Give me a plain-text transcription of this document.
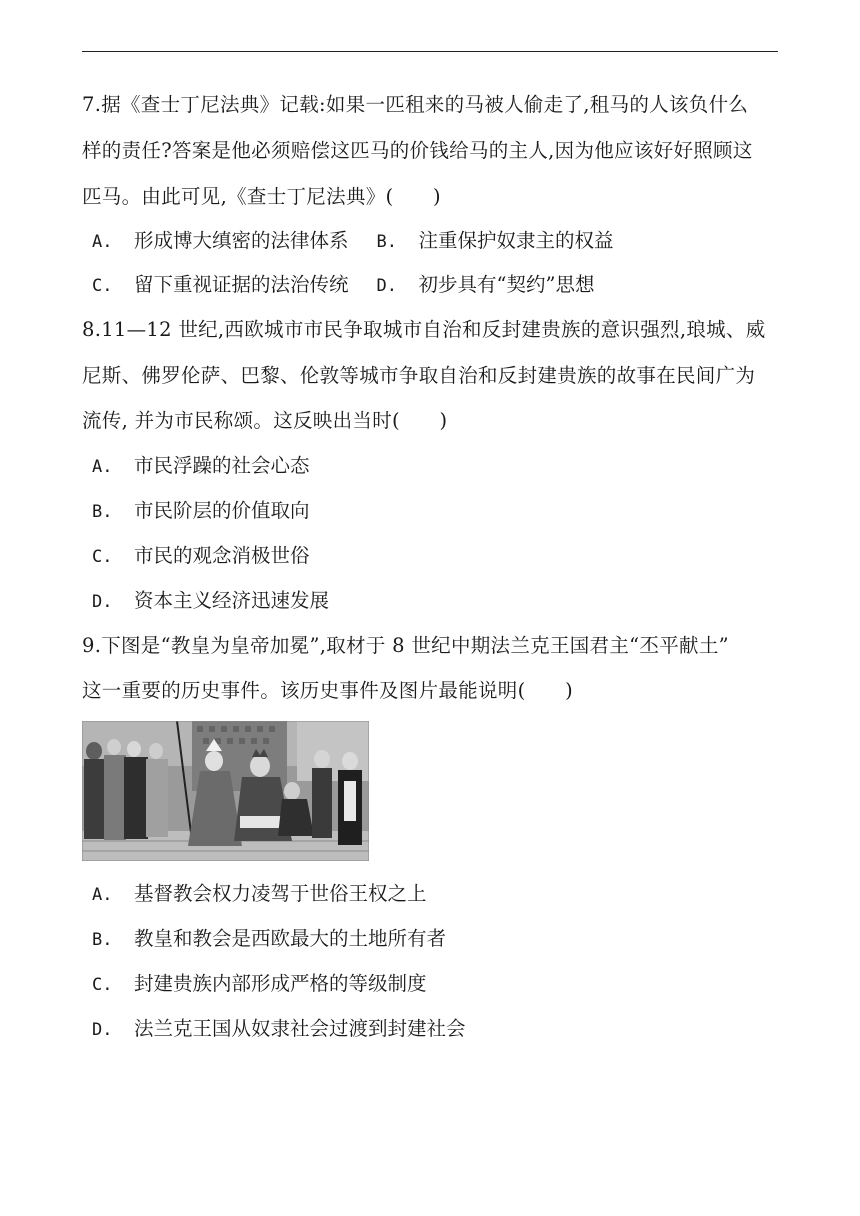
7.据《查士丁尼法典》记载:如果一匹租来的马被人偷走了,租马的人该负什么
样的责任?答案是他必须赔偿这匹马的价钱给马的主人,因为他应该好好照顾这
匹马。由此可见,《查士丁尼法典》(　　)
A. 形成博大缜密的法律体系 B. 注重保护奴隶主的权益
C. 留下重视证据的法治传统 D. 初步具有“契约”思想
8.11—12 世纪,西欧城市市民争取城市自治和反封建贵族的意识强烈,琅城、威
尼斯、佛罗伦萨、巴黎、伦敦等城市争取自治和反封建贵族的故事在民间广为
流传, 并为市民称颂。这反映出当时(　　)
A. 市民浮躁的社会心态
B. 市民阶层的价值取向
C. 市民的观念消极世俗
D. 资本主义经济迅速发展
9.下图是“教皇为皇帝加冕”,取材于 8 世纪中期法兰克王国君主“丕平献土”
这一重要的历史事件。该历史事件及图片最能说明(　　)
A. 基督教会权力凌驾于世俗王权之上
B. 教皇和教会是西欧最大的土地所有者
C. 封建贵族内部形成严格的等级制度
D. 法兰克王国从奴隶社会过渡到封建社会
